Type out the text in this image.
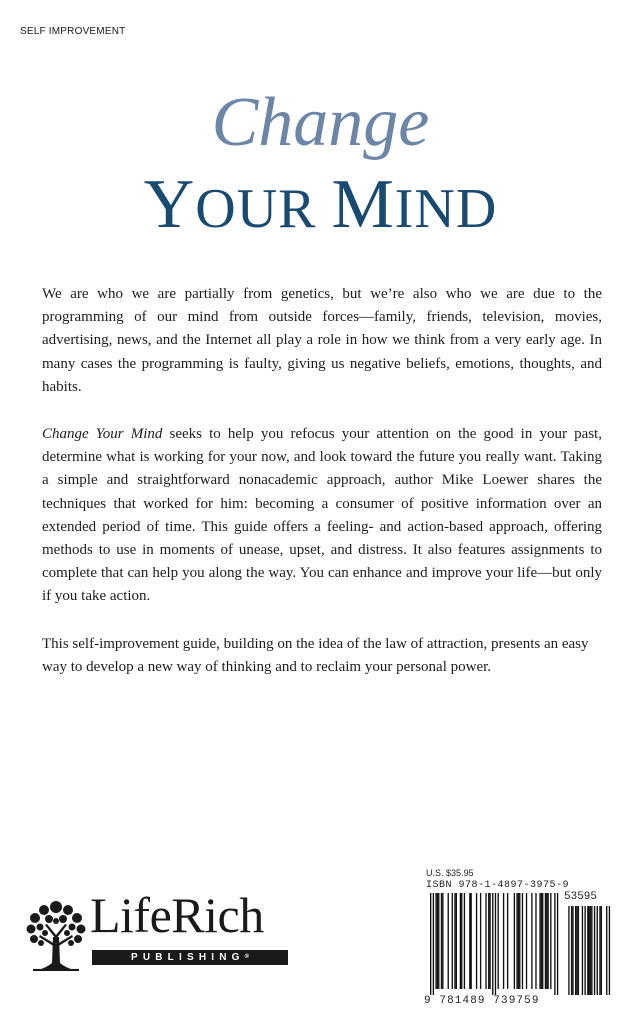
SELF IMPROVEMENT
Change
YOUR MIND

We are who we are partially from genetics, but we’re also who we are due to the programming of our mind from outside forces—family, friends, television, movies, advertising, news, and the Internet all play a role in how we think from a very early age. In many cases the programming is faulty, giving us negative beliefs, emotions, thoughts, and habits.

Change Your Mind seeks to help you refocus your attention on the good in your past, determine what is working for your now, and look toward the future you really want. Taking a simple and straightforward nonacademic approach, author Mike Loewer shares the techniques that worked for him: becoming a consumer of positive information over an extended period of time. This guide offers a feeling- and action-based approach, offering methods to use in moments of unease, upset, and distress. It also features assignments to complete that can help you along the way. You can enhance and improve your life—but only if you take action.

This self-improvement guide, building on the idea of the law of attraction, presents an easy way to develop a new way of thinking and to reclaim your personal power.

LifeRich
PUBLISHING®
U.S. $35.95
ISBN 978-1-4897-3975-9
53595
9 781489 739759
